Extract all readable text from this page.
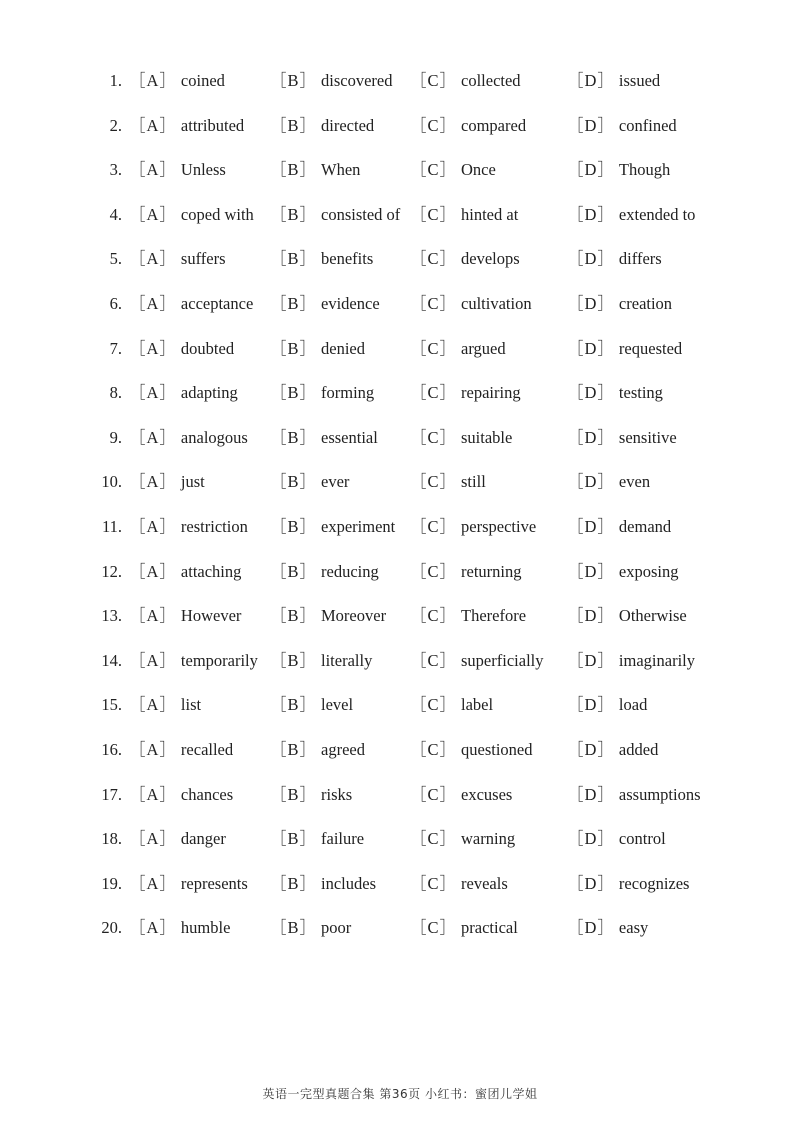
1. ［A］ coined	［B］ discovered ［C］ collected	［D］ issued
2. ［A］ attributed ［B］ directed ［C］ compared ［D］ confined
3. ［A］ Unless	［B］ When	［C］ Once	［D］ Though
4. ［A］ coped with ［B］ consisted of ［C］ hinted at	［D］ extended to
5. ［A］ suffers	［B］ benefits ［C］ develops	［D］ differs
6. ［A］ acceptance ［B］ evidence ［C］ cultivation ［D］ creation
7. ［A］ doubted ［B］ denied	［C］ argued	［D］ requested
8. ［A］ adapting ［B］ forming ［C］ repairing	［D］ testing
9. ［A］ analogous ［B］ essential ［C］ suitable	［D］ sensitive
10. ［A］ just	［B］ ever	［C］ still	［D］ even
11. ［A］ restriction ［B］ experiment ［C］ perspective ［D］ demand
12. ［A］ attaching ［B］ reducing ［C］ returning	［D］ exposing
13. ［A］ However ［B］ Moreover ［C］ Therefore ［D］ Otherwise
14. ［A］ temporarily ［B］ literally ［C］ superficially ［D］ imaginarily
15. ［A］ list	［B］ level	［C］ label	［D］ load
16. ［A］ recalled ［B］ agreed	［C］ questioned ［D］ added
17. ［A］ chances ［B］ risks	［C］ excuses	［D］ assumptions
18. ［A］ danger	［B］ failure	［C］ warning	［D］ control
19. ［A］ represents ［B］ includes ［C］ reveals	［D］ recognizes
20. ［A］ humble ［B］ poor	［C］ practical	［D］ easy
英语一完型真题合集 第36页 小红书：蜜团儿学姐
